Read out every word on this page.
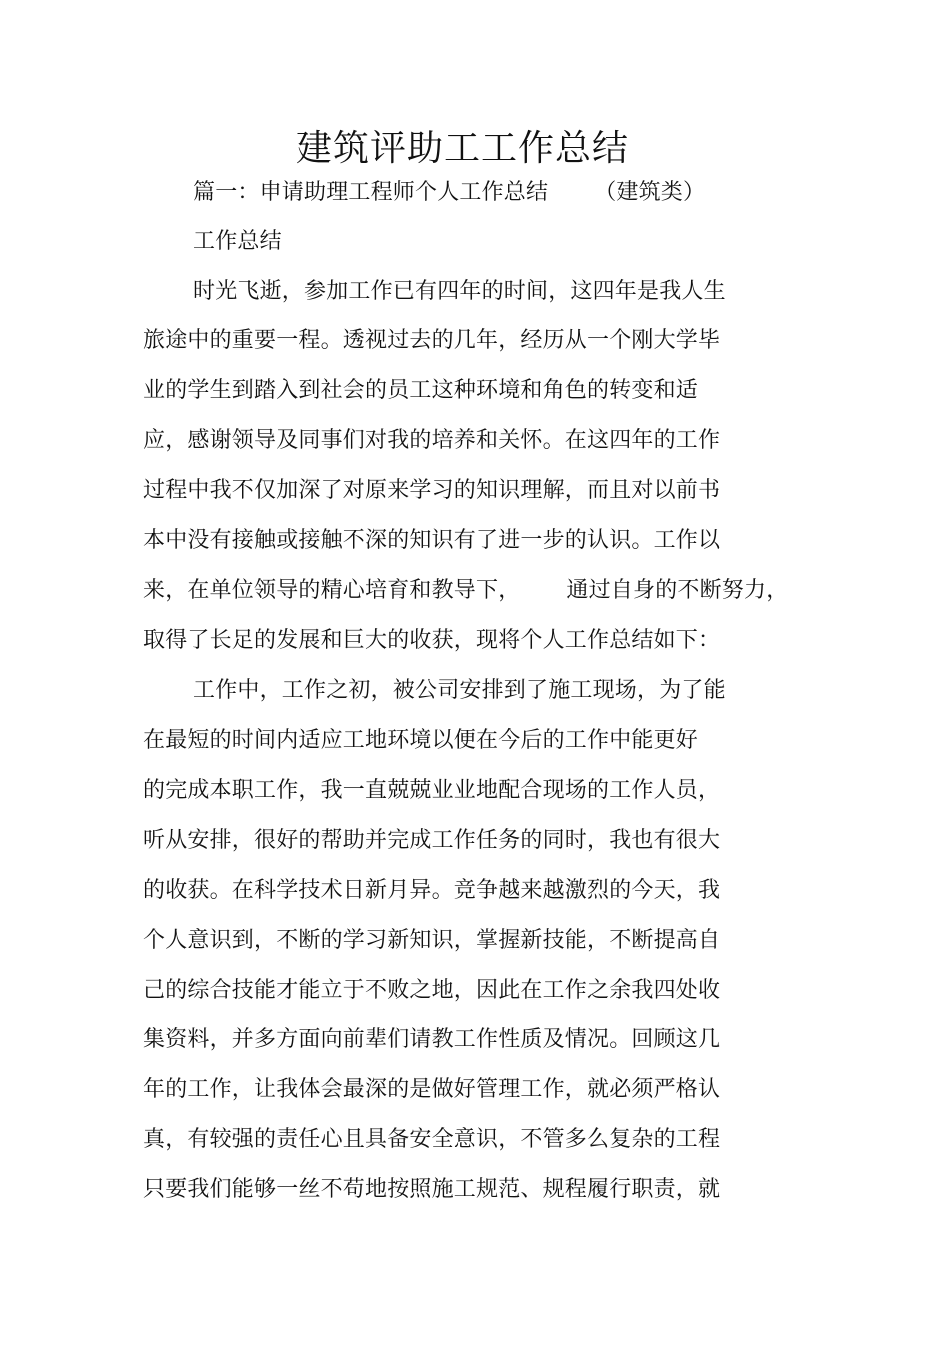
建筑评助工工作总结
篇一：申请助理工程师个人工作总结 （建筑类）
工作总结
时光飞逝，参加工作已有四年的时间，这四年是我人生
旅途中的重要一程。透视过去的几年，经历从一个刚大学毕
业的学生到踏入到社会的员工这种环境和角色的转变和适
应，感谢领导及同事们对我的培养和关怀。在这四年的工作
过程中我不仅加深了对原来学习的知识理解，而且对以前书
本中没有接触或接触不深的知识有了进一步的认识。工作以
来，在单位领导的精心培育和教导下， 通过自身的不断努力，
取得了长足的发展和巨大的收获，现将个人工作总结如下：
工作中，工作之初，被公司安排到了施工现场，为了能
在最短的时间内适应工地环境以便在今后的工作中能更好
的完成本职工作，我一直兢兢业业地配合现场的工作人员，
听从安排，很好的帮助并完成工作任务的同时，我也有很大
的收获。在科学技术日新月异。竞争越来越激烈的今天，我
个人意识到，不断的学习新知识，掌握新技能，不断提高自
己的综合技能才能立于不败之地，因此在工作之余我四处收
集资料，并多方面向前辈们请教工作性质及情况。回顾这几
年的工作，让我体会最深的是做好管理工作，就必须严格认
真，有较强的责任心且具备安全意识，不管多么复杂的工程
只要我们能够一丝不苟地按照施工规范、规程履行职责，就
